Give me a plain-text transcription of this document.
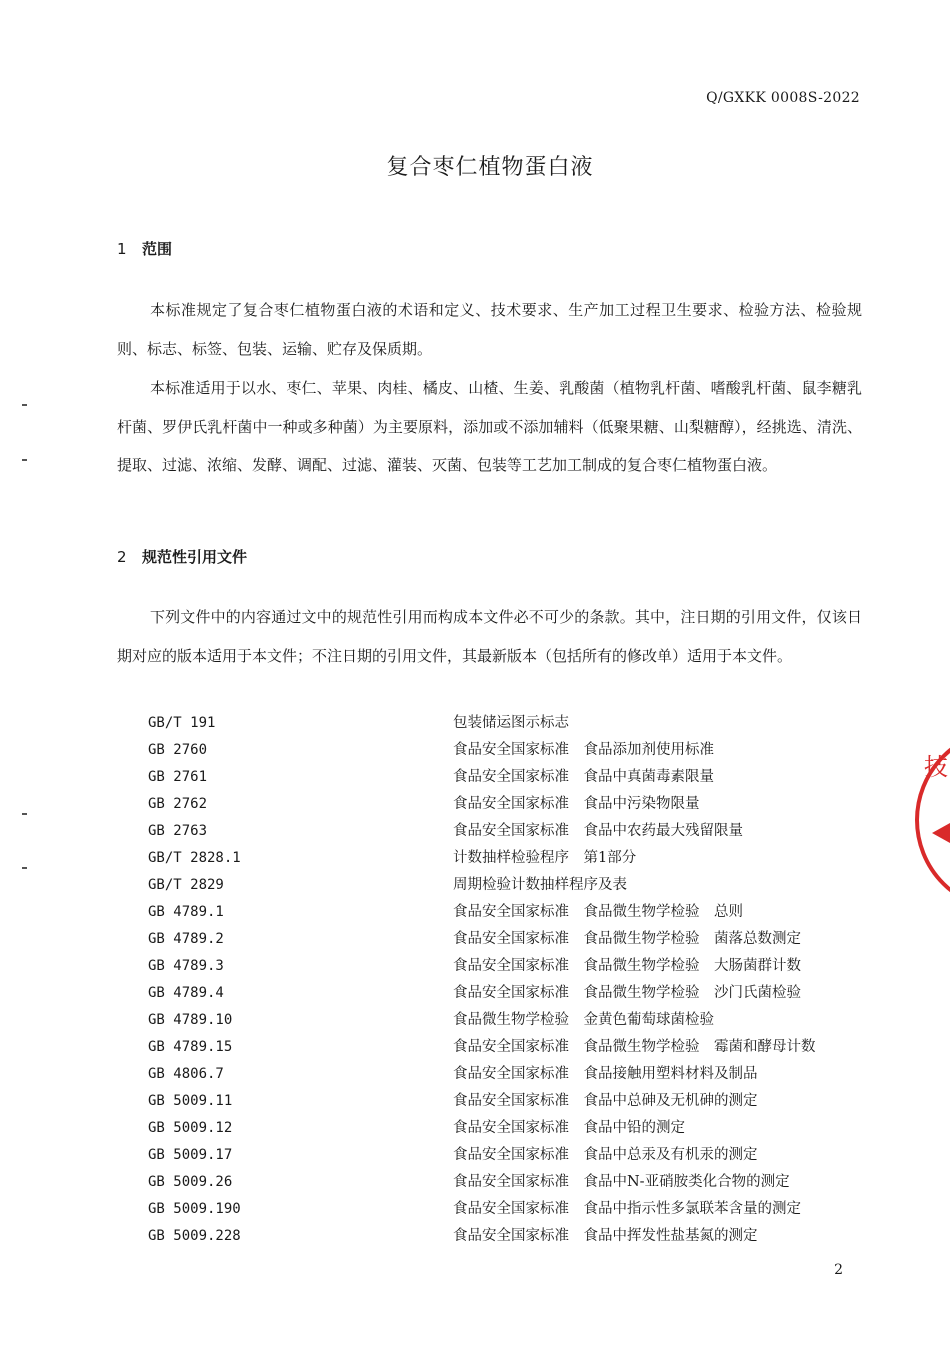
Q/GXKK 0008S-2022
复合枣仁植物蛋白液
1 范围

本标准规定了复合枣仁植物蛋白液的术语和定义、技术要求、生产加工过程卫生要求、检验方法、检验规则、标志、标签、包装、运输、贮存及保质期。

本标准适用于以水、枣仁、苹果、肉桂、橘皮、山楂、生姜、乳酸菌（植物乳杆菌、嗜酸乳杆菌、鼠李糖乳杆菌、罗伊氏乳杆菌中一种或多种菌）为主要原料，添加或不添加辅料（低聚果糖、山梨糖醇），经挑选、清洗、提取、过滤、浓缩、发酵、调配、过滤、灌装、灭菌、包装等工艺加工制成的复合枣仁植物蛋白液。

2 规范性引用文件

下列文件中的内容通过文中的规范性引用而构成本文件必不可少的条款。其中，注日期的引用文件，仅该日期对应的版本适用于本文件；不注日期的引用文件，其最新版本（包括所有的修改单）适用于本文件。

GB/T 191	包装储运图示标志
GB 2760	食品安全国家标准　食品添加剂使用标准
GB 2761	食品安全国家标准　食品中真菌毒素限量
GB 2762	食品安全国家标准　食品中污染物限量
GB 2763	食品安全国家标准　食品中农药最大残留限量
GB/T 2828.1	计数抽样检验程序　第1部分
GB/T 2829	周期检验计数抽样程序及表
GB 4789.1	食品安全国家标准　食品微生物学检验　总则
GB 4789.2	食品安全国家标准　食品微生物学检验　菌落总数测定
GB 4789.3	食品安全国家标准　食品微生物学检验　大肠菌群计数
GB 4789.4	食品安全国家标准　食品微生物学检验　沙门氏菌检验
GB 4789.10	食品微生物学检验　金黄色葡萄球菌检验
GB 4789.15	食品安全国家标准　食品微生物学检验　霉菌和酵母计数
GB 4806.7	食品安全国家标准　食品接触用塑料材料及制品
GB 5009.11	食品安全国家标准　食品中总砷及无机砷的测定
GB 5009.12	食品安全国家标准　食品中铅的测定
GB 5009.17	食品安全国家标准　食品中总汞及有机汞的测定
GB 5009.26	食品安全国家标准　食品中N-亚硝胺类化合物的测定
GB 5009.190	食品安全国家标准　食品中指示性多氯联苯含量的测定
GB 5009.228	食品安全国家标准　食品中挥发性盐基氮的测定
2
技
